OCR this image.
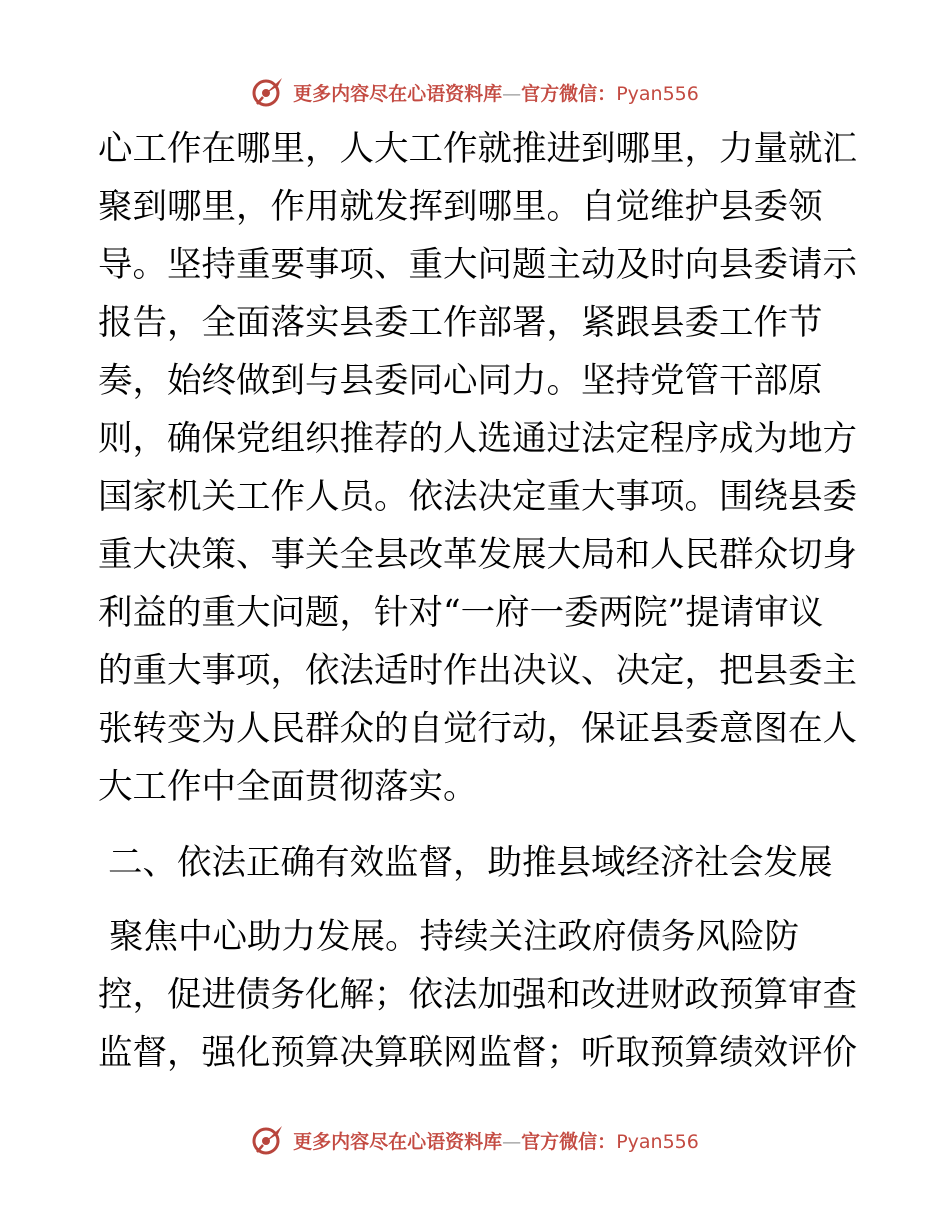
更多内容尽在心语资料库—官方微信：Pyan556
心工作在哪里，人大工作就推进到哪里，力量就汇
聚到哪里，作用就发挥到哪里。自觉维护县委领
导。坚持重要事项、重大问题主动及时向县委请示
报告，全面落实县委工作部署，紧跟县委工作节
奏，始终做到与县委同心同力。坚持党管干部原
则，确保党组织推荐的人选通过法定程序成为地方
国家机关工作人员。依法决定重大事项。围绕县委
重大决策、事关全县改革发展大局和人民群众切身
利益的重大问题，针对“一府一委两院”提请审议
的重大事项，依法适时作出决议、决定，把县委主
张转变为人民群众的自觉行动，保证县委意图在人
大工作中全面贯彻落实。
二、依法正确有效监督，助推县域经济社会发展
聚焦中心助力发展。持续关注政府债务风险防
控，促进债务化解；依法加强和改进财政预算审查
监督，强化预算决算联网监督；听取预算绩效评价
更多内容尽在心语资料库—官方微信：Pyan556
